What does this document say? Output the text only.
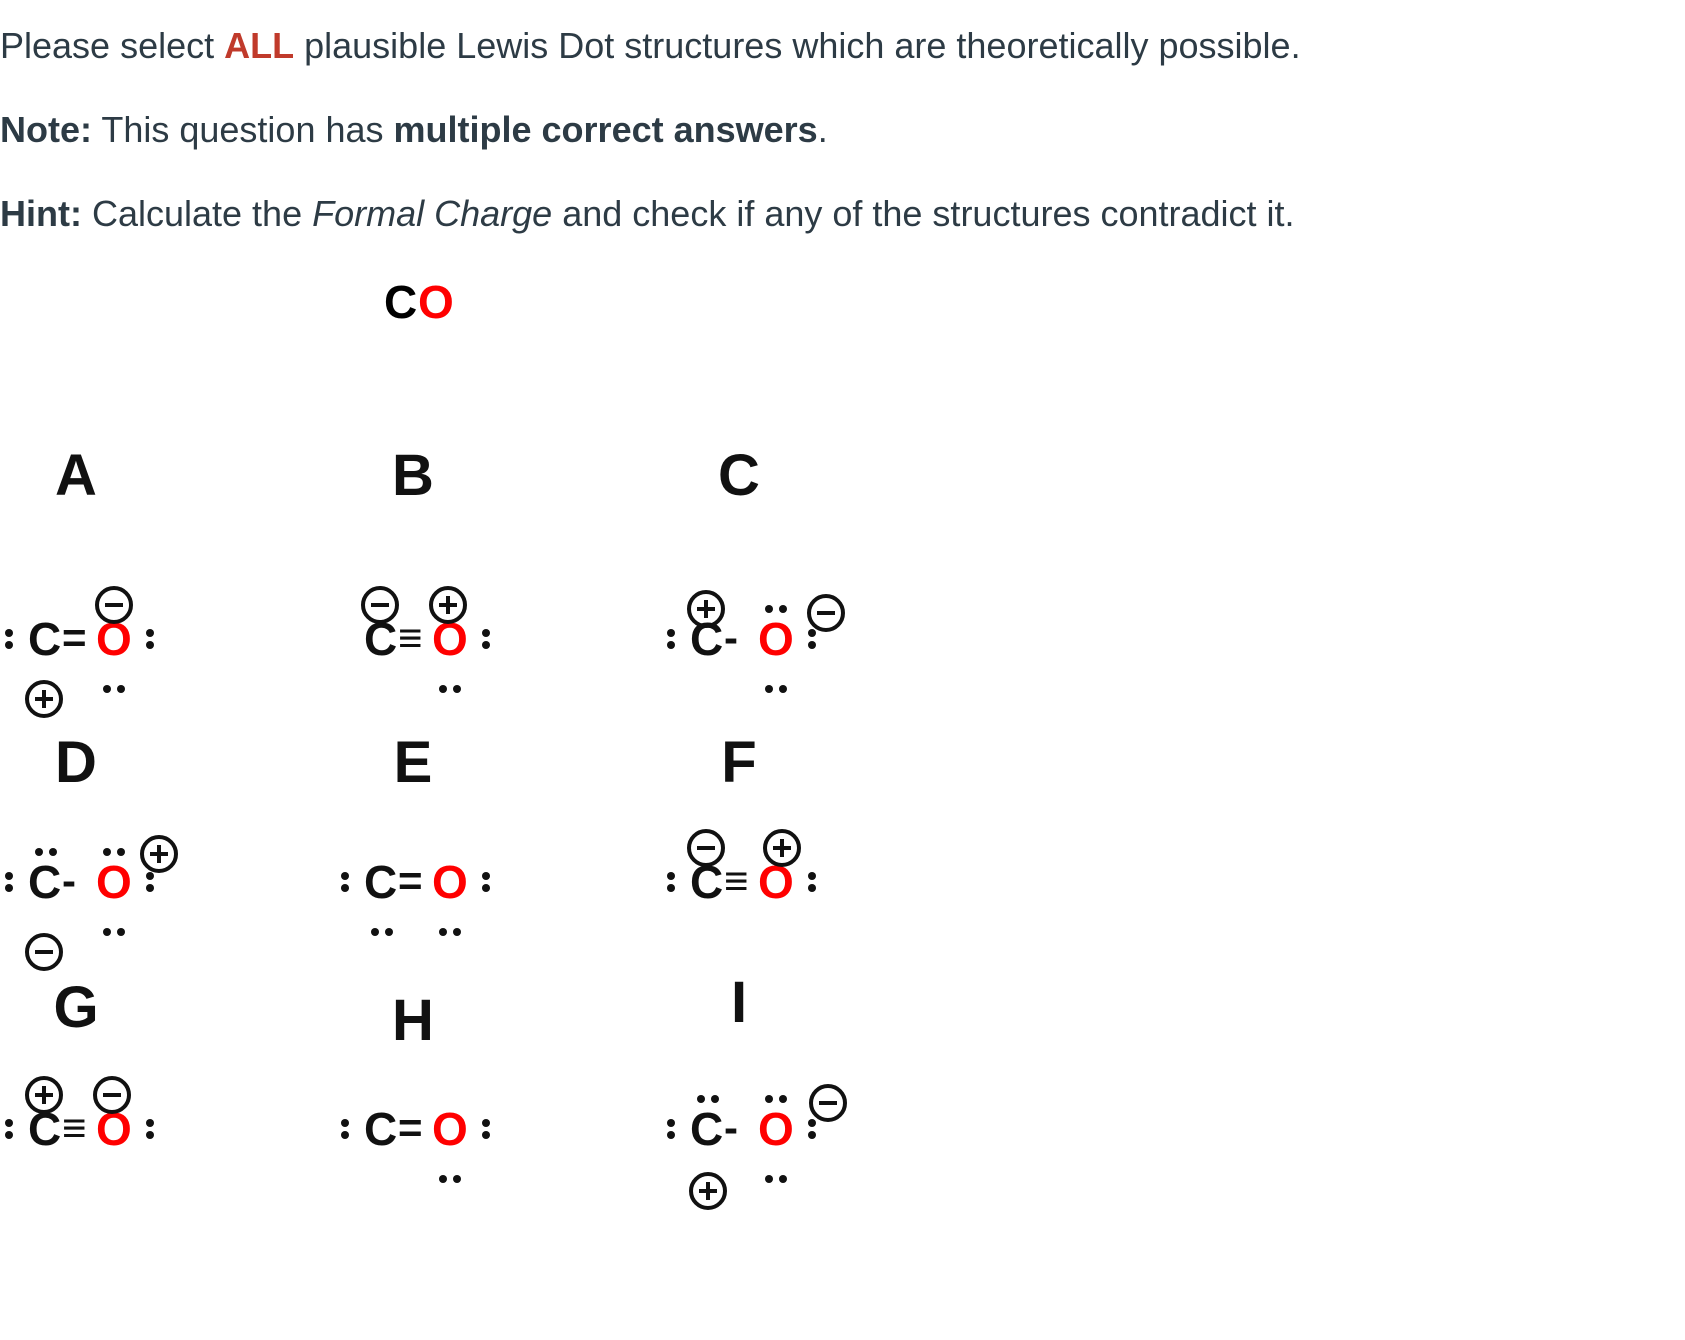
Please select ALL plausible Lewis Dot structures which are theoretically possible.

Note: This question has multiple correct answers.

Hint: Calculate the Formal Charge and check if any of the structures contradict it.

C O
A
C = O
B
C ≡ O
C
C - O
D
C - O
E
C = O
F
C ≡ O
G
C ≡ O
H
C = O
I
C - O
